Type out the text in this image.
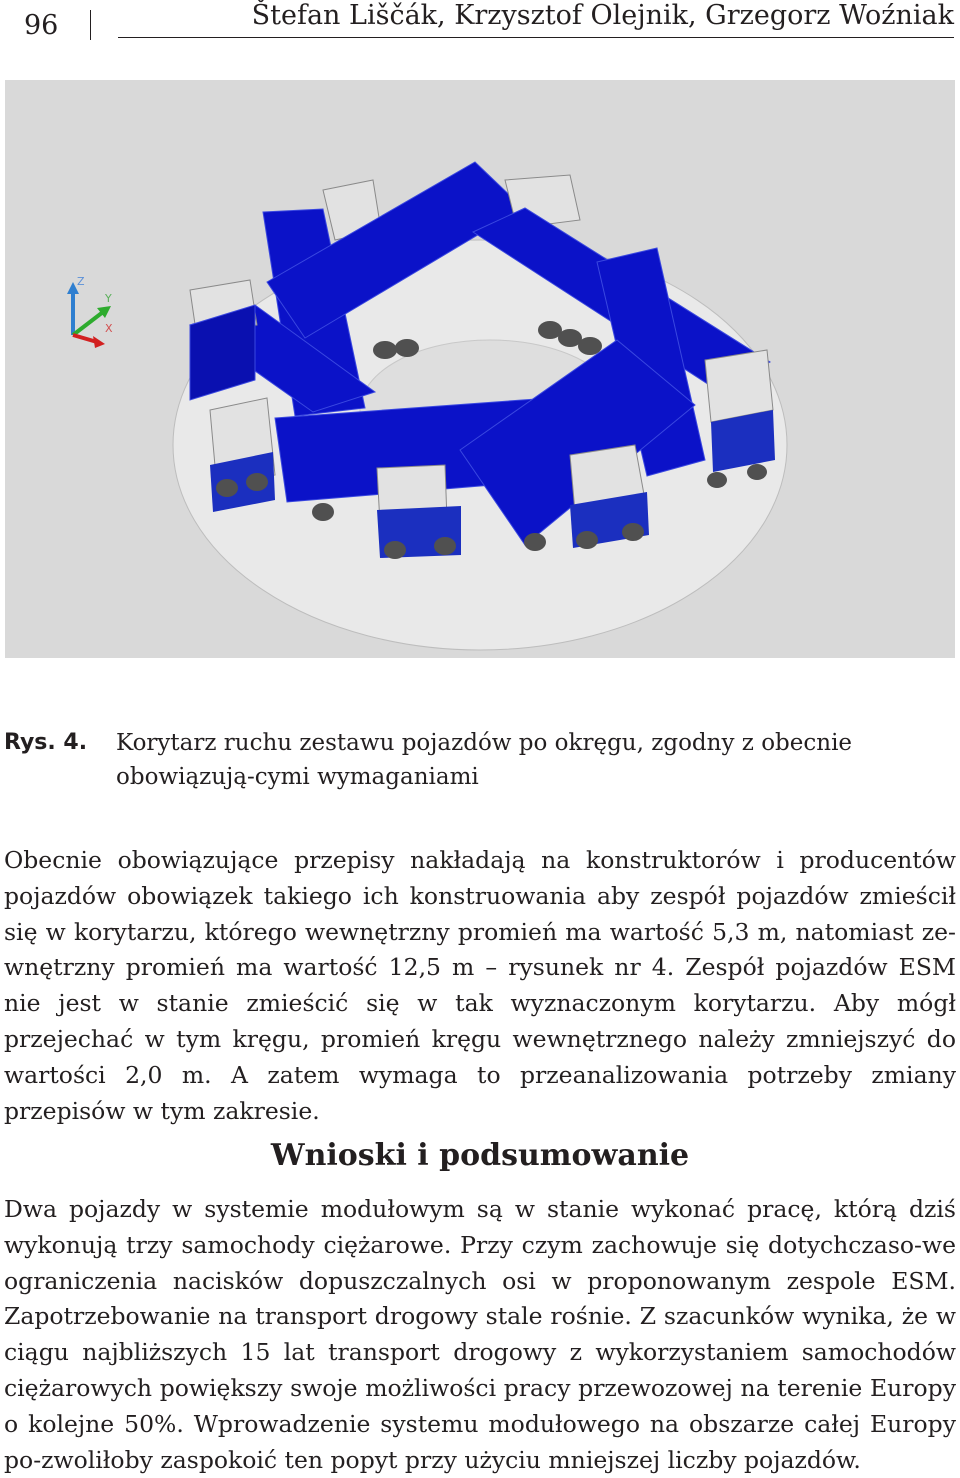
96	Štefan Liščák, Krzysztof Olejnik, Grzegorz Woźniak
Z
Y
X
Rys. 4. Korytarz ruchu zestawu pojazdów po okręgu, zgodny z obecnie obowiązują-cymi wymaganiami

Obecnie obowiązujące przepisy nakładają na konstruktorów i producentów pojazdów obowiązek takiego ich konstruowania aby zespół pojazdów zmieścił się w korytarzu, którego wewnętrzny promień ma wartość 5,3 m, natomiast ze-wnętrzny promień ma wartość 12,5 m – rysunek nr 4. Zespół pojazdów ESM nie jest w stanie zmieścić się w tak wyznaczonym korytarzu. Aby mógł przejechać w tym kręgu, promień kręgu wewnętrznego należy zmniejszyć do wartości 2,0 m. A zatem wymaga to przeanalizowania potrzeby zmiany przepisów w tym zakresie.

Wnioski i podsumowanie

Dwa pojazdy w systemie modułowym są w stanie wykonać pracę, którą dziś wykonują trzy samochody ciężarowe. Przy czym zachowuje się dotychczaso-we ograniczenia nacisków dopuszczalnych osi w proponowanym zespole ESM. Zapotrzebowanie na transport drogowy stale rośnie. Z szacunków wynika, że w ciągu najbliższych 15 lat transport drogowy z wykorzystaniem samochodów ciężarowych powiększy swoje możliwości pracy przewozowej na terenie Europy o kolejne 50%. Wprowadzenie systemu modułowego na obszarze całej Europy po-zwoliłoby zaspokoić ten popyt przy użyciu mniejszej liczby pojazdów.
